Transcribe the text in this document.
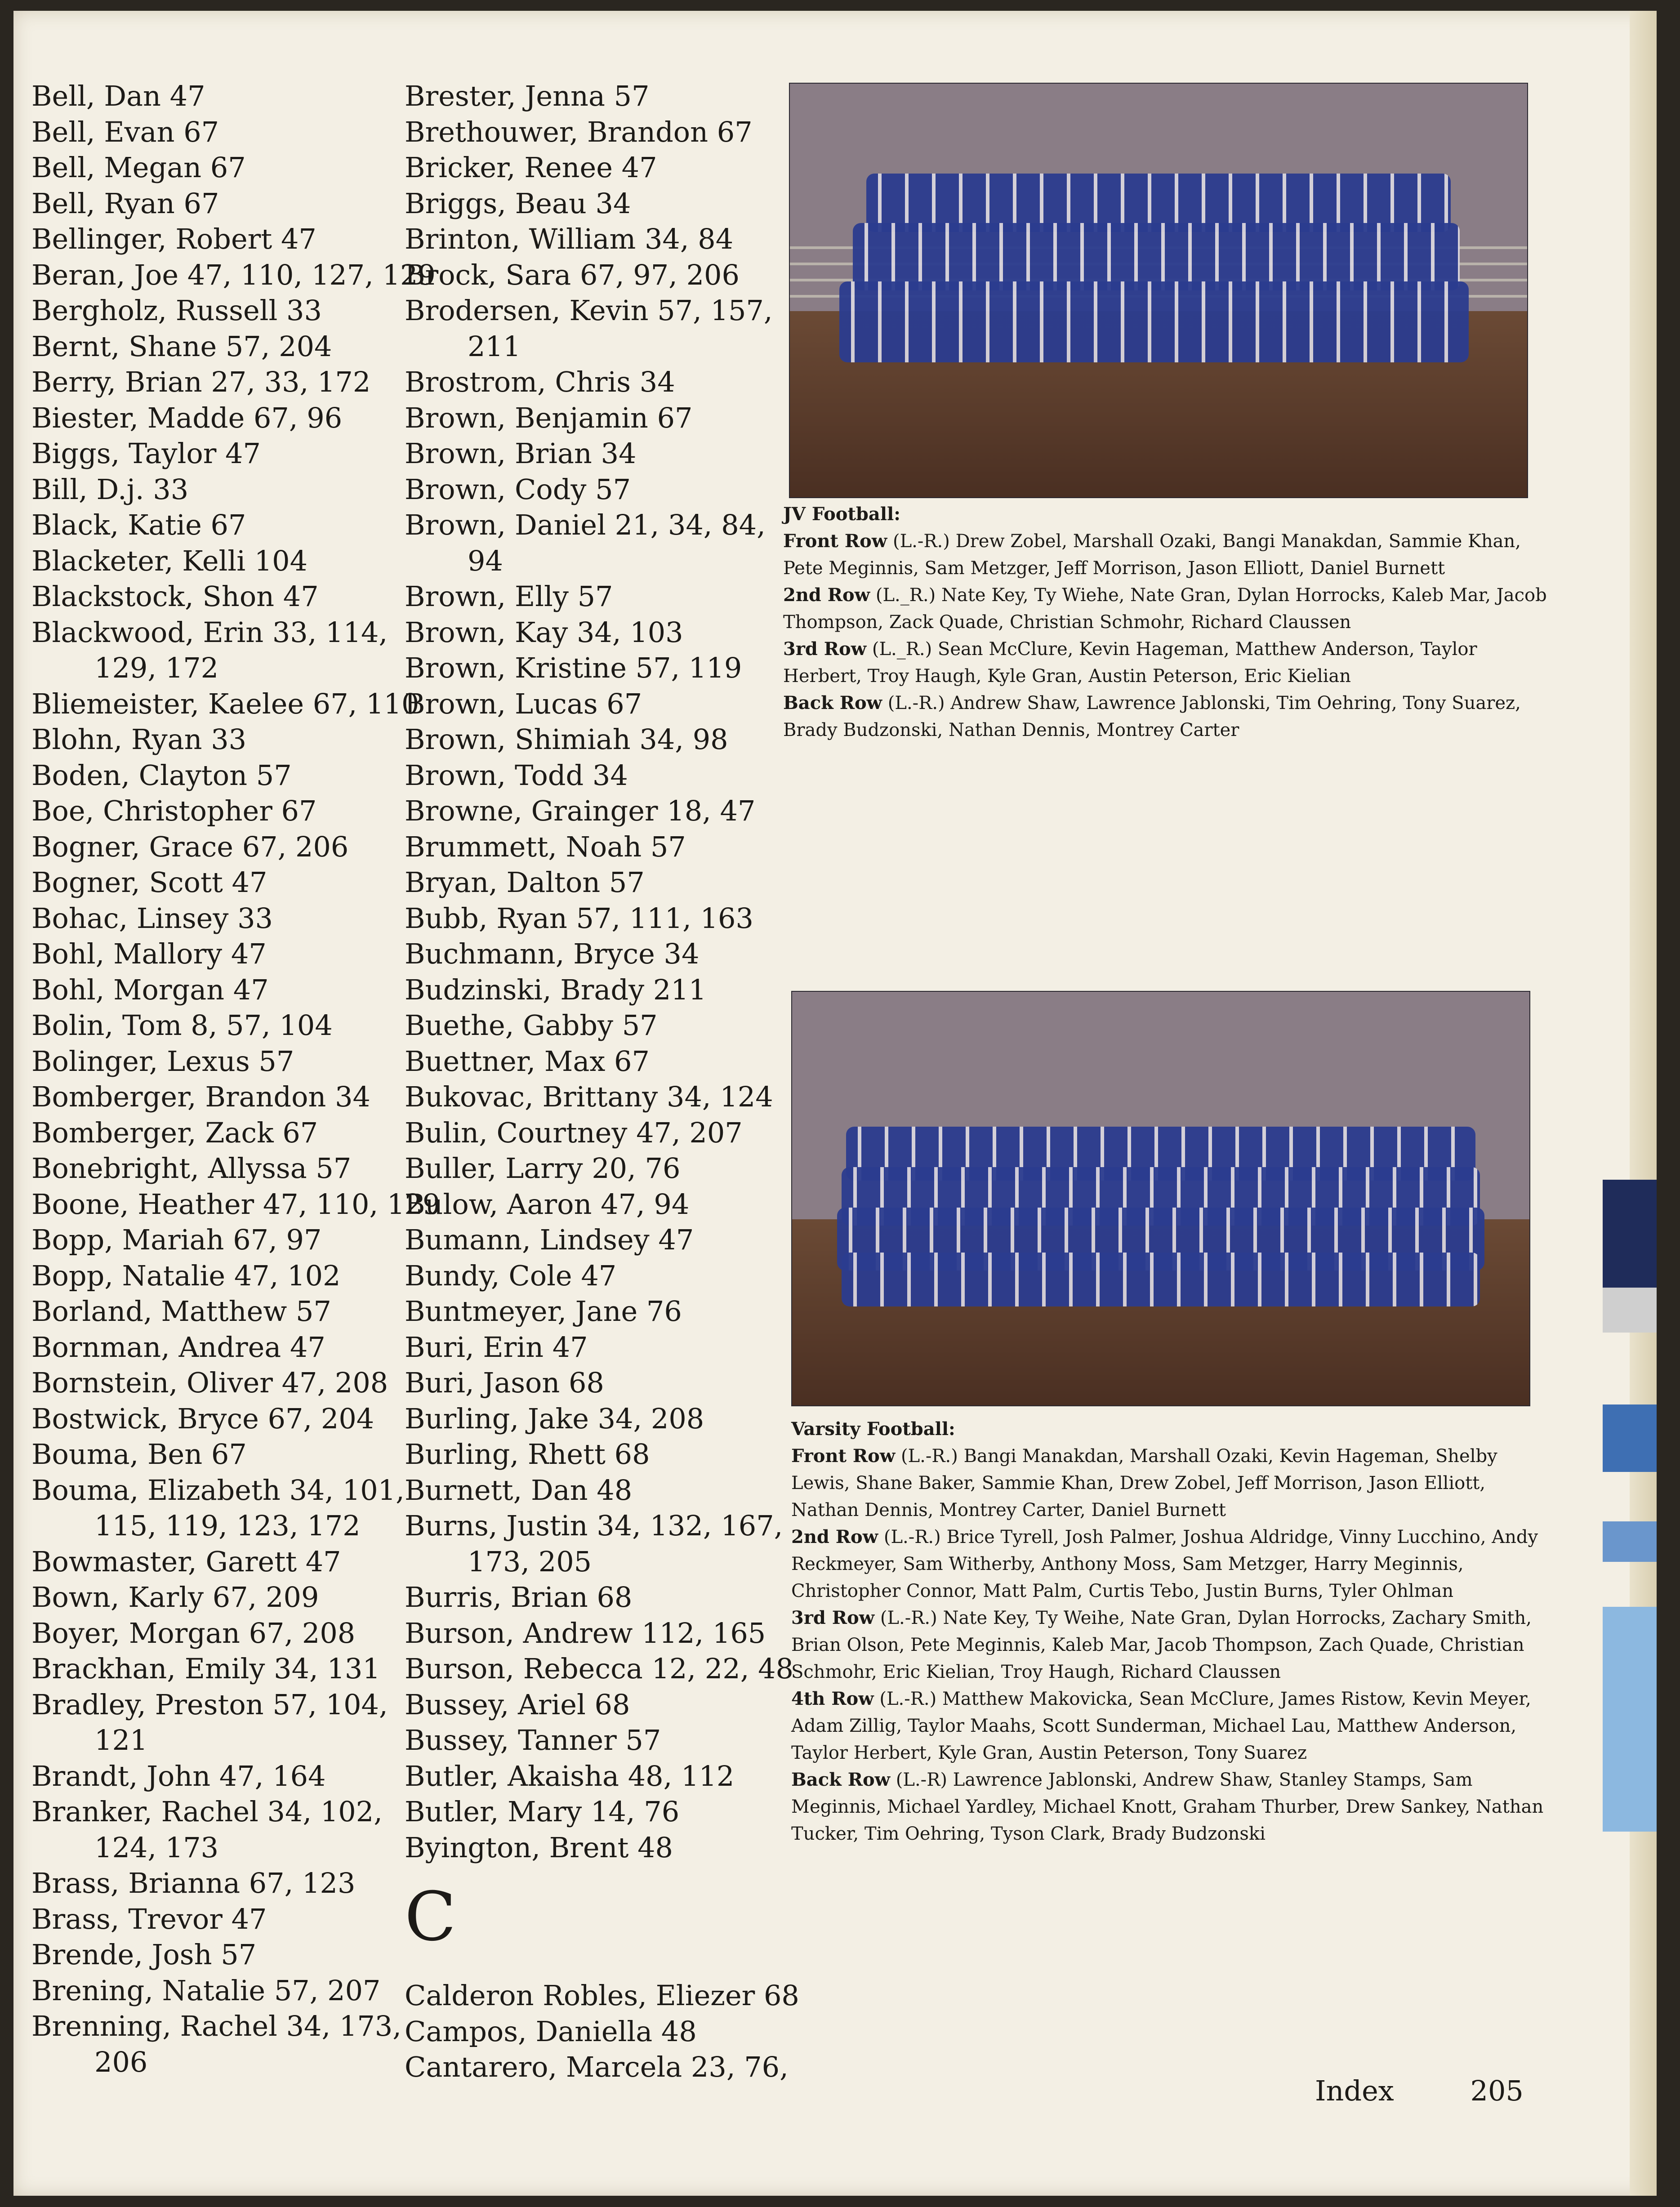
Bell, Dan 47
Bell, Evan 67
Bell, Megan 67
Bell, Ryan 67
Bellinger, Robert 47
Beran, Joe 47, 110, 127, 129
Bergholz, Russell 33
Bernt, Shane 57, 204
Berry, Brian 27, 33, 172
Biester, Madde 67, 96
Biggs, Taylor 47
Bill, D.j. 33
Black, Katie 67
Blacketer, Kelli 104
Blackstock, Shon 47
Blackwood, Erin 33, 114,
129, 172
Bliemeister, Kaelee 67, 110
Blohn, Ryan 33
Boden, Clayton 57
Boe, Christopher 67
Bogner, Grace 67, 206
Bogner, Scott 47
Bohac, Linsey 33
Bohl, Mallory 47
Bohl, Morgan 47
Bolin, Tom 8, 57, 104
Bolinger, Lexus 57
Bomberger, Brandon 34
Bomberger, Zack 67
Bonebright, Allyssa 57
Boone, Heather 47, 110, 129
Bopp, Mariah 67, 97
Bopp, Natalie 47, 102
Borland, Matthew 57
Bornman, Andrea 47
Bornstein, Oliver 47, 208
Bostwick, Bryce 67, 204
Bouma, Ben 67
Bouma, Elizabeth 34, 101,
115, 119, 123, 172
Bowmaster, Garett 47
Bown, Karly 67, 209
Boyer, Morgan 67, 208
Brackhan, Emily 34, 131
Bradley, Preston 57, 104,
121
Brandt, John 47, 164
Branker, Rachel 34, 102,
124, 173
Brass, Brianna 67, 123
Brass, Trevor 47
Brende, Josh 57
Brening, Natalie 57, 207
Brenning, Rachel 34, 173,
206
Brester, Jenna 57
Brethouwer, Brandon 67
Bricker, Renee 47
Briggs, Beau 34
Brinton, William 34, 84
Brock, Sara 67, 97, 206
Brodersen, Kevin 57, 157,
211
Brostrom, Chris 34
Brown, Benjamin 67
Brown, Brian 34
Brown, Cody 57
Brown, Daniel 21, 34, 84,
94
Brown, Elly 57
Brown, Kay 34, 103
Brown, Kristine 57, 119
Brown, Lucas 67
Brown, Shimiah 34, 98
Brown, Todd 34
Browne, Grainger 18, 47
Brummett, Noah 57
Bryan, Dalton 57
Bubb, Ryan 57, 111, 163
Buchmann, Bryce 34
Budzinski, Brady 211
Buethe, Gabby 57
Buettner, Max 67
Bukovac, Brittany 34, 124
Bulin, Courtney 47, 207
Buller, Larry 20, 76
Bulow, Aaron 47, 94
Bumann, Lindsey 47
Bundy, Cole 47
Buntmeyer, Jane 76
Buri, Erin 47
Buri, Jason 68
Burling, Jake 34, 208
Burling, Rhett 68
Burnett, Dan 48
Burns, Justin 34, 132, 167,
173, 205
Burris, Brian 68
Burson, Andrew 112, 165
Burson, Rebecca 12, 22, 48
Bussey, Ariel 68
Bussey, Tanner 57
Butler, Akaisha 48, 112
Butler, Mary 14, 76
Byington, Brent 48
C
Calderon Robles, Eliezer 68
Campos, Daniella 48
Cantarero, Marcela 23, 76,
JV Football:
Front Row (L.-R.) Drew Zobel, Marshall Ozaki, Bangi Manakdan, Sammie Khan, Pete Meginnis, Sam Metzger, Jeff Morrison, Jason Elliott, Daniel Burnett
2nd Row (L._R.) Nate Key, Ty Wiehe, Nate Gran, Dylan Horrocks, Kaleb Mar, Jacob Thompson, Zack Quade, Christian Schmohr, Richard Claussen
3rd Row (L._R.) Sean McClure, Kevin Hageman, Matthew Anderson, Taylor Herbert, Troy Haugh, Kyle Gran, Austin Peterson, Eric Kielian
Back Row (L.-R.) Andrew Shaw, Lawrence Jablonski, Tim Oehring, Tony Suarez, Brady Budzonski, Nathan Dennis, Montrey Carter
Varsity Football:
Front Row (L.-R.) Bangi Manakdan, Marshall Ozaki, Kevin Hageman, Shelby Lewis, Shane Baker, Sammie Khan, Drew Zobel, Jeff Morrison, Jason Elliott, Nathan Dennis, Montrey Carter, Daniel Burnett
2nd Row (L.-R.) Brice Tyrell, Josh Palmer, Joshua Aldridge, Vinny Lucchino, Andy Reckmeyer, Sam Witherby, Anthony Moss, Sam Metzger, Harry Meginnis, Christopher Connor, Matt Palm, Curtis Tebo, Justin Burns, Tyler Ohlman
3rd Row (L.-R.) Nate Key, Ty Weihe, Nate Gran, Dylan Horrocks, Zachary Smith, Brian Olson, Pete Meginnis, Kaleb Mar, Jacob Thompson, Zach Quade, Christian Schmohr, Eric Kielian, Troy Haugh, Richard Claussen
4th Row (L.-R.) Matthew Makovicka, Sean McClure, James Ristow, Kevin Meyer, Adam Zillig, Taylor Maahs, Scott Sunderman, Michael Lau, Matthew Anderson, Taylor Herbert, Kyle Gran, Austin Peterson, Tony Suarez
Back Row (L.-R) Lawrence Jablonski, Andrew Shaw, Stanley Stamps, Sam Meginnis, Michael Yardley, Michael Knott, Graham Thurber, Drew Sankey, Nathan Tucker, Tim Oehring, Tyson Clark, Brady Budzonski
Index	205
